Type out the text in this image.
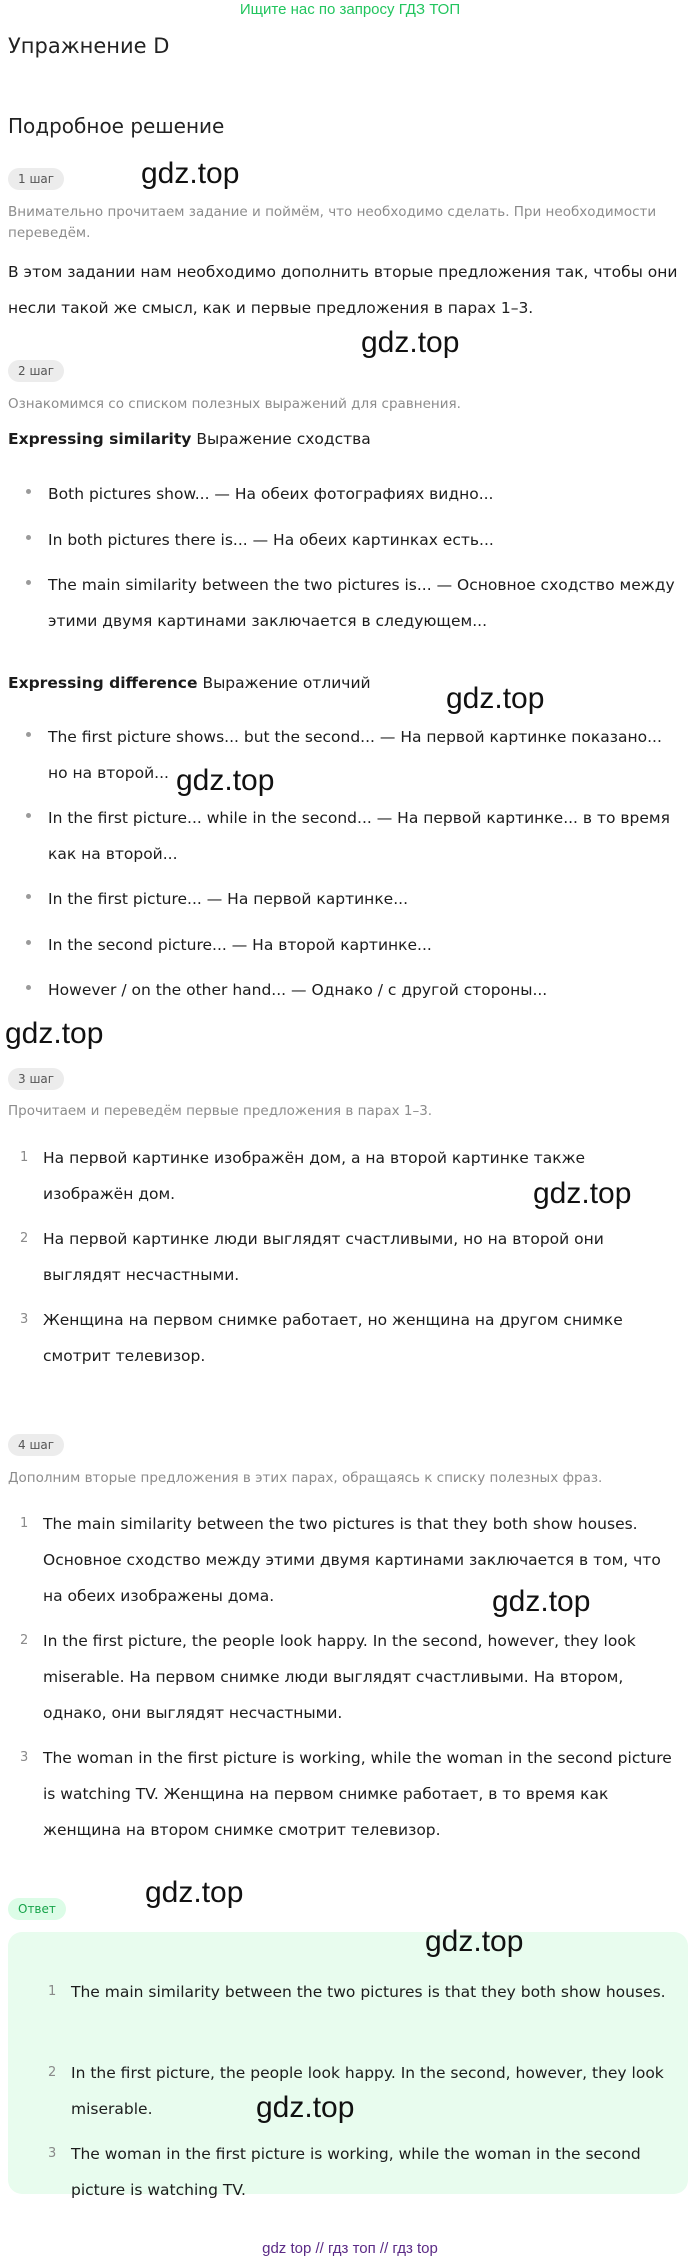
Ищите нас по запросу ГДЗ ТОП
Упражнение D
Подробное решение
1 шаг	gdz.top
Внимательно прочитаем задание и поймём, что необходимо сделать. При необходимости переведём.
В этом задании нам необходимо дополнить вторые предложения так, чтобы они несли такой же смысл, как и первые предложения в парах 1–3.
gdz.top
2 шаг
Ознакомимся со списком полезных выражений для сравнения.
Expressing similarity Выражение сходства
Both pictures show... — На обеих фотографиях видно...
In both pictures there is... — На обеих картинках есть...
The main similarity between the two pictures is... — Основное сходство между этими двумя картинами заключается в следующем...
Expressing difference Выражение отличий	gdz.top
The first picture shows... but the second... — На первой картинке показано... но на второй... gdz.top
In the first picture... while in the second... — На первой картинке... в то время как на второй...
In the first picture... — На первой картинке...
In the second picture... — На второй картинке...
However / on the other hand... — Однако / с другой стороны...
gdz.top
3 шаг
Прочитаем и переведём первые предложения в парах 1–3.
1 На первой картинке изображён дом, а на второй картинке также изображён дом.	gdz.top
2 На первой картинке люди выглядят счастливыми, но на второй они выглядят несчастными.
3 Женщина на первом снимке работает, но женщина на другом снимке смотрит телевизор.
4 шаг
Дополним вторые предложения в этих парах, обращаясь к списку полезных фраз.
1 The main similarity between the two pictures is that they both show houses. Основное сходство между этими двумя картинами заключается в том, что на обеих изображены дома.	gdz.top
2 In the first picture, the people look happy. In the second, however, they look miserable. На первом снимке люди выглядят счастливыми. На втором, однако, они выглядят несчастными.
3 The woman in the first picture is working, while the woman in the second picture is watching TV. Женщина на первом снимке работает, в то время как женщина на втором снимке смотрит телевизор.
gdz.top
Ответ
gdz.top
1 The main similarity between the two pictures is that they both show houses.
2 In the first picture, the people look happy. In the second, however, they look miserable.	gdz.top
3 The woman in the first picture is working, while the woman in the second picture is watching TV.
gdz top // гдз топ // гдз top
